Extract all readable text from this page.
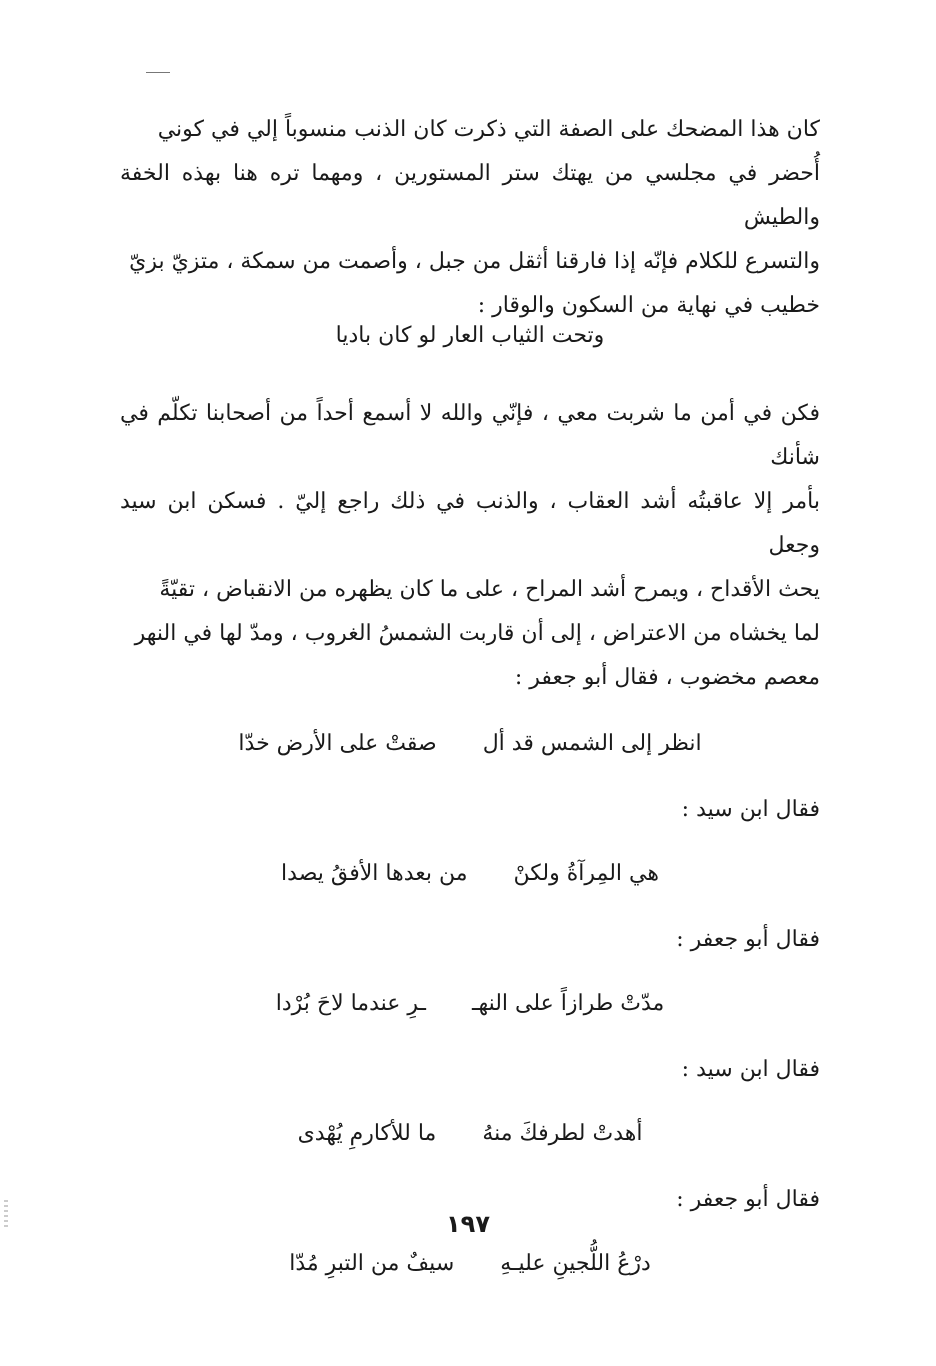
كان هذا المضحك على الصفة التي ذكرت كان الذنب منسوباً إلي في كوني

أُحضر في مجلسي من يهتك ستر المستورين ، ومهما تره هنا بهذه الخفة والطيش

والتسرع للكلام فإنّه إذا فارقنا أثقل من جبل ، وأصمت من سمكة ، متزيّ بزيّ

خطيب في نهاية من السكون والوقار :

وتحت الثياب العار لو كان باديا

فكن في أمن ما شربت معي ، فإنّي والله لا أسمع أحداً من أصحابنا تكلّم في شأنك

بأمر إلا عاقبتُه أشد العقاب ، والذنب في ذلك راجع إليّ . فسكن ابن سيد وجعل

يحث الأقداح ، ويمرح أشد المراح ، على ما كان يظهره من الانقباض ، تقيّةً

لما يخشاه من الاعتراض ، إلى أن قاربت الشمسُ الغروب ، ومدّ لها في النهر

معصم مخضوب ، فقال أبو جعفر :

انظر إلى الشمس قد أل
صقتْ على الأرض خدّا
فقال ابن سيد :
هي المِرآةُ ولكنْ
من بعدها الأفقُ يصدا
فقال أبو جعفر :
مدّتْ طرازاً على النهـ
ـرِ عندما لاحَ بُرْدا
فقال ابن سيد :
أهدتْ لطرفكَ منهُ
ما للأكارمِ يُهْدى
فقال أبو جعفر :
درْعُ اللُّجينِ عليـهِ
سيفٌ من التبرِ مُدّا
١٩٧
